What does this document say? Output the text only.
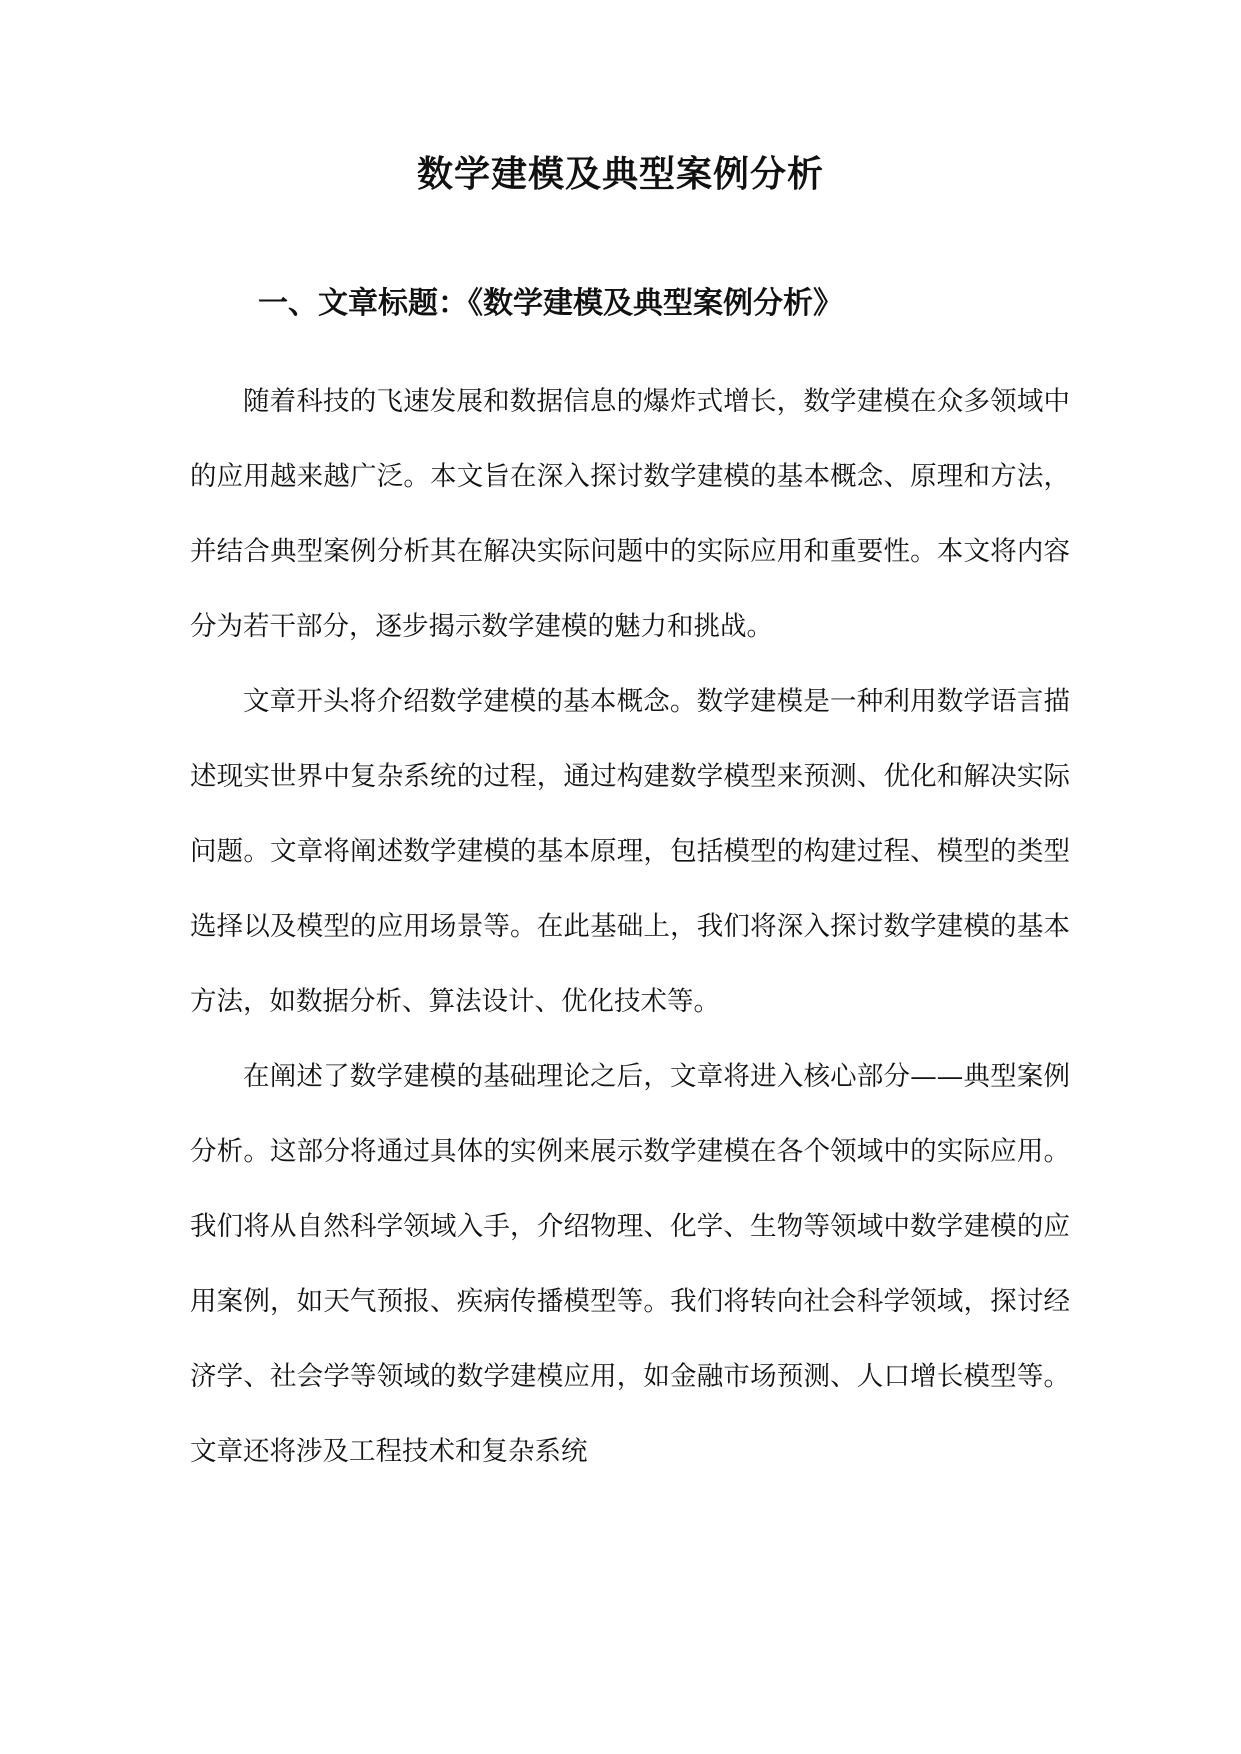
数学建模及典型案例分析
一、文章标题：《数学建模及典型案例分析》

随着科技的飞速发展和数据信息的爆炸式增长，数学建模在众多领域中的应用越来越广泛。本文旨在深入探讨数学建模的基本概念、原理和方法，并结合典型案例分析其在解决实际问题中的实际应用和重要性。本文将内容分为若干部分，逐步揭示数学建模的魅力和挑战。

文章开头将介绍数学建模的基本概念。数学建模是一种利用数学语言描述现实世界中复杂系统的过程，通过构建数学模型来预测、优化和解决实际问题。文章将阐述数学建模的基本原理，包括模型的构建过程、模型的类型选择以及模型的应用场景等。在此基础上，我们将深入探讨数学建模的基本方法，如数据分析、算法设计、优化技术等。

在阐述了数学建模的基础理论之后，文章将进入核心部分——典型案例分析。这部分将通过具体的实例来展示数学建模在各个领域中的实际应用。我们将从自然科学领域入手，介绍物理、化学、生物等领域中数学建模的应用案例，如天气预报、疾病传播模型等。我们将转向社会科学领域，探讨经济学、社会学等领域的数学建模应用，如金融市场预测、人口增长模型等。文章还将涉及工程技术和复杂系统
